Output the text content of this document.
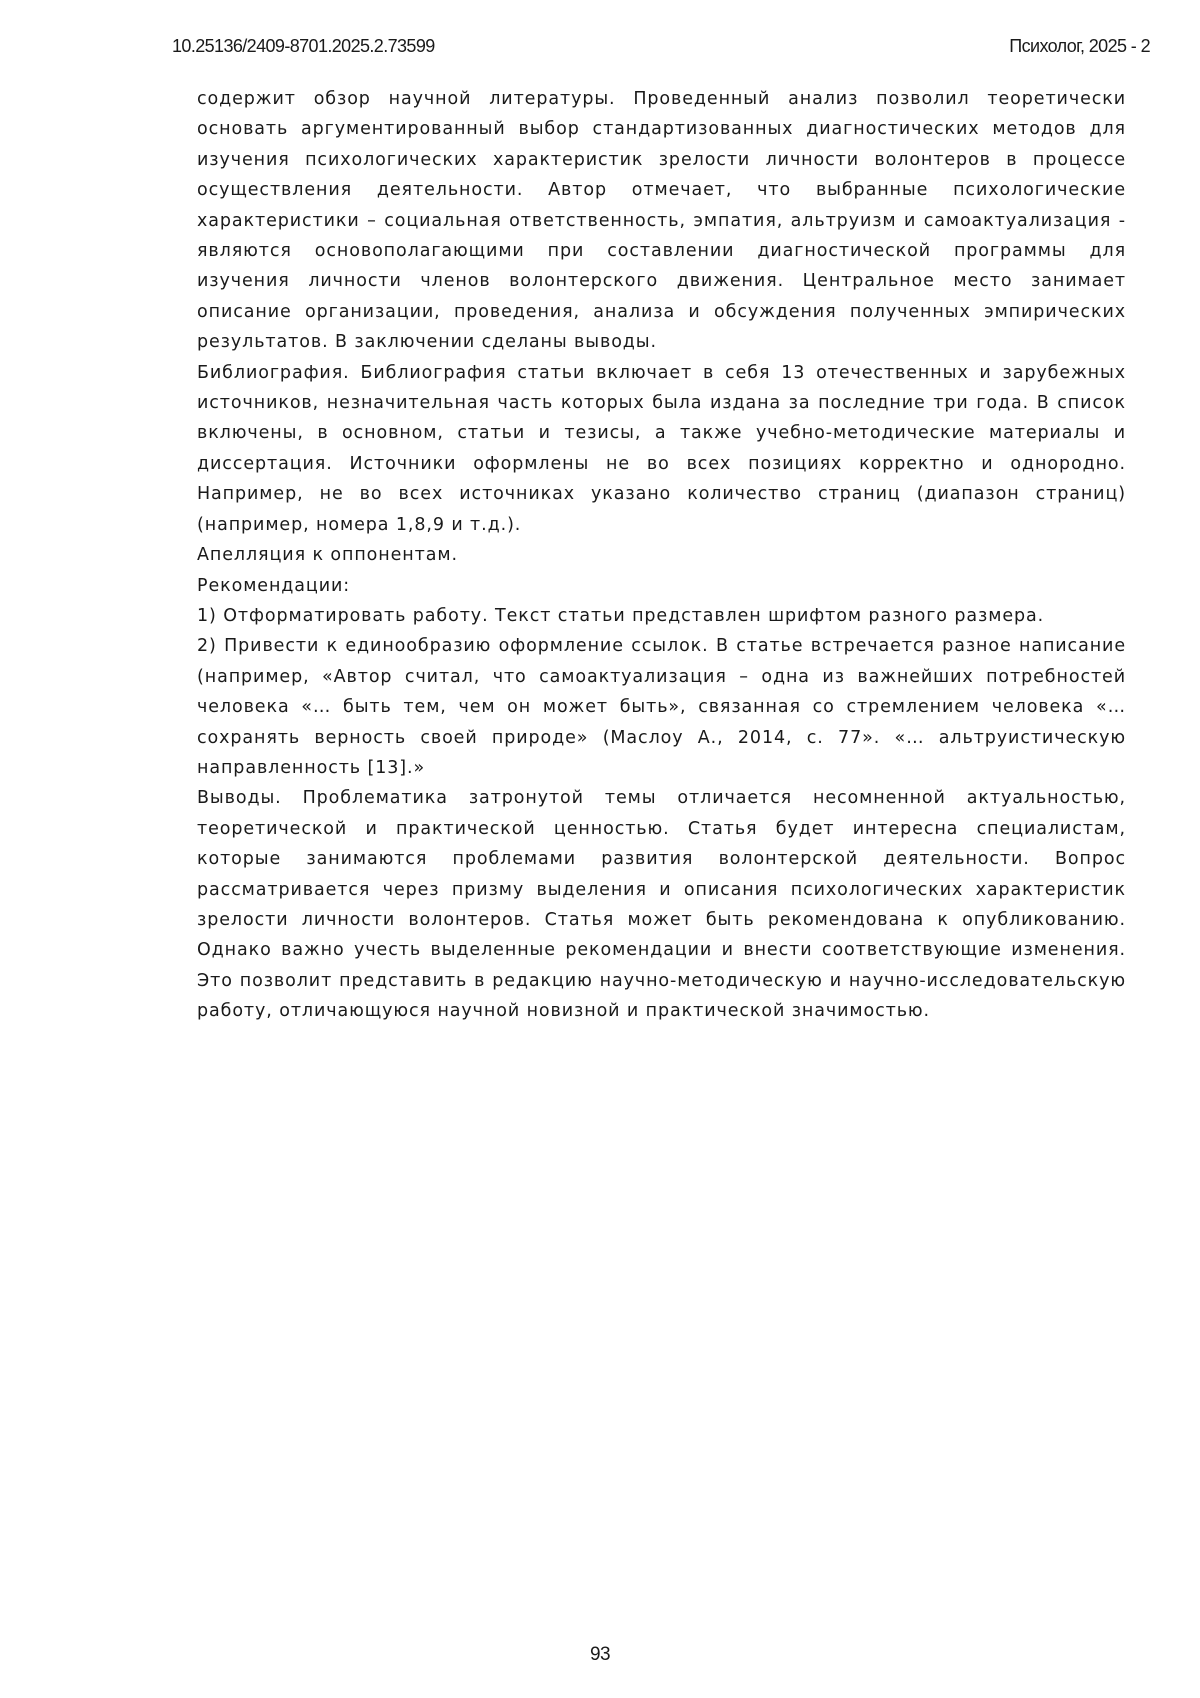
10.25136/2409-8701.2025.2.73599	Психолог, 2025 - 2

содержит обзор научной литературы. Проведенный анализ позволил теоретически основать аргументированный выбор стандартизованных диагностических методов для изучения психологических характеристик зрелости личности волонтеров в процессе осуществления деятельности. Автор отмечает, что выбранные психологические характеристики – социальная ответственность, эмпатия, альтруизм и самоактуализация - являются основополагающими при составлении диагностической программы для изучения личности членов волонтерского движения. Центральное место занимает описание организации, проведения, анализа и обсуждения полученных эмпирических результатов. В заключении сделаны выводы.

Библиография. Библиография статьи включает в себя 13 отечественных и зарубежных источников, незначительная часть которых была издана за последние три года. В список включены, в основном, статьи и тезисы, а также учебно-методические материалы и диссертация. Источники оформлены не во всех позициях корректно и однородно. Например, не во всех источниках указано количество страниц (диапазон страниц) (например, номера 1,8,9 и т.д.).

Апелляция к оппонентам.

Рекомендации:

1) Отформатировать работу. Текст статьи представлен шрифтом разного размера.

2) Привести к единообразию оформление ссылок. В статье встречается разное написание (например, «Автор считал, что самоактуализация – одна из важнейших потребностей человека «… быть тем, чем он может быть», связанная со стремлением человека «… сохранять верность своей природе» (Маслоу А., 2014, с. 77». «… альтруистическую направленность [13].»

Выводы. Проблематика затронутой темы отличается несомненной актуальностью, теоретической и практической ценностью. Статья будет интересна специалистам, которые занимаются проблемами развития волонтерской деятельности. Вопрос рассматривается через призму выделения и описания психологических характеристик зрелости личности волонтеров. Статья может быть рекомендована к опубликованию. Однако важно учесть выделенные рекомендации и внести соответствующие изменения. Это позволит представить в редакцию научно-методическую и научно-исследовательскую работу, отличающуюся научной новизной и практической значимостью.

93
